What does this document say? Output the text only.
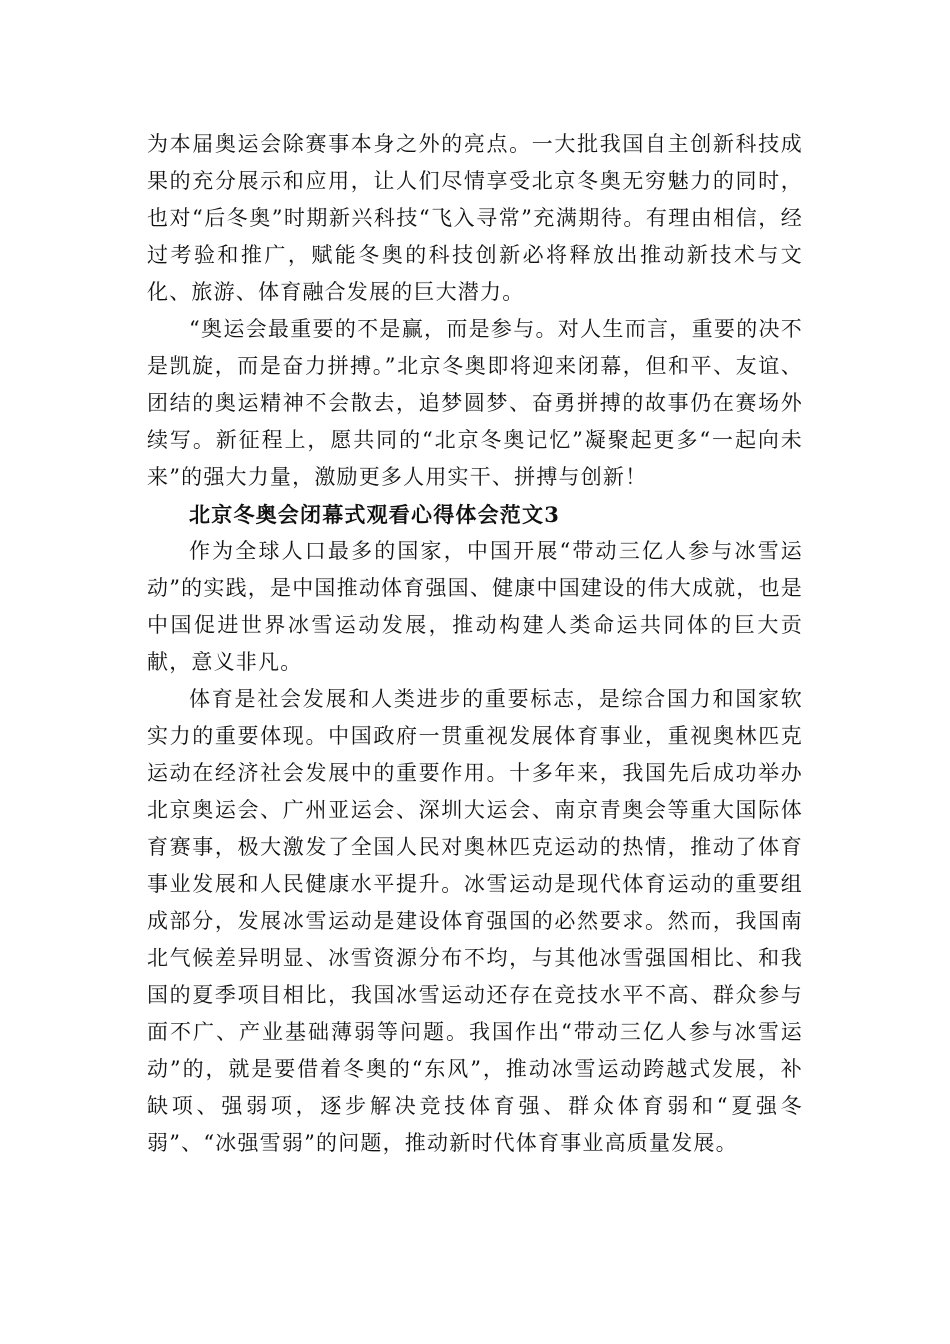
为本届奥运会除赛事本身之外的亮点。一大批我国自主创新科技成果的充分展示和应用，让人们尽情享受北京冬奥无穷魅力的同时，也对“后冬奥”时期新兴科技“飞入寻常”充满期待。有理由相信，经过考验和推广，赋能冬奥的科技创新必将释放出推动新技术与文化、旅游、体育融合发展的巨大潜力。

“奥运会最重要的不是赢，而是参与。对人生而言，重要的决不是凯旋，而是奋力拼搏。”北京冬奥即将迎来闭幕，但和平、友谊、团结的奥运精神不会散去，追梦圆梦、奋勇拼搏的故事仍在赛场外续写。新征程上，愿共同的“北京冬奥记忆”凝聚起更多“一起向未来”的强大力量，激励更多人用实干、拼搏与创新！

北京冬奥会闭幕式观看心得体会范文3

作为全球人口最多的国家，中国开展“带动三亿人参与冰雪运动”的实践，是中国推动体育强国、健康中国建设的伟大成就，也是中国促进世界冰雪运动发展，推动构建人类命运共同体的巨大贡献，意义非凡。

体育是社会发展和人类进步的重要标志，是综合国力和国家软实力的重要体现。中国政府一贯重视发展体育事业，重视奥林匹克运动在经济社会发展中的重要作用。十多年来，我国先后成功举办北京奥运会、广州亚运会、深圳大运会、南京青奥会等重大国际体育赛事，极大激发了全国人民对奥林匹克运动的热情，推动了体育事业发展和人民健康水平提升。冰雪运动是现代体育运动的重要组成部分，发展冰雪运动是建设体育强国的必然要求。然而，我国南北气候差异明显、冰雪资源分布不均，与其他冰雪强国相比、和我国的夏季项目相比，我国冰雪运动还存在竞技水平不高、群众参与面不广、产业基础薄弱等问题。我国作出“带动三亿人参与冰雪运动”的，就是要借着冬奥的“东风”，推动冰雪运动跨越式发展，补缺项、强弱项，逐步解决竞技体育强、群众体育弱和“夏强冬弱”、“冰强雪弱”的问题，推动新时代体育事业高质量发展。
